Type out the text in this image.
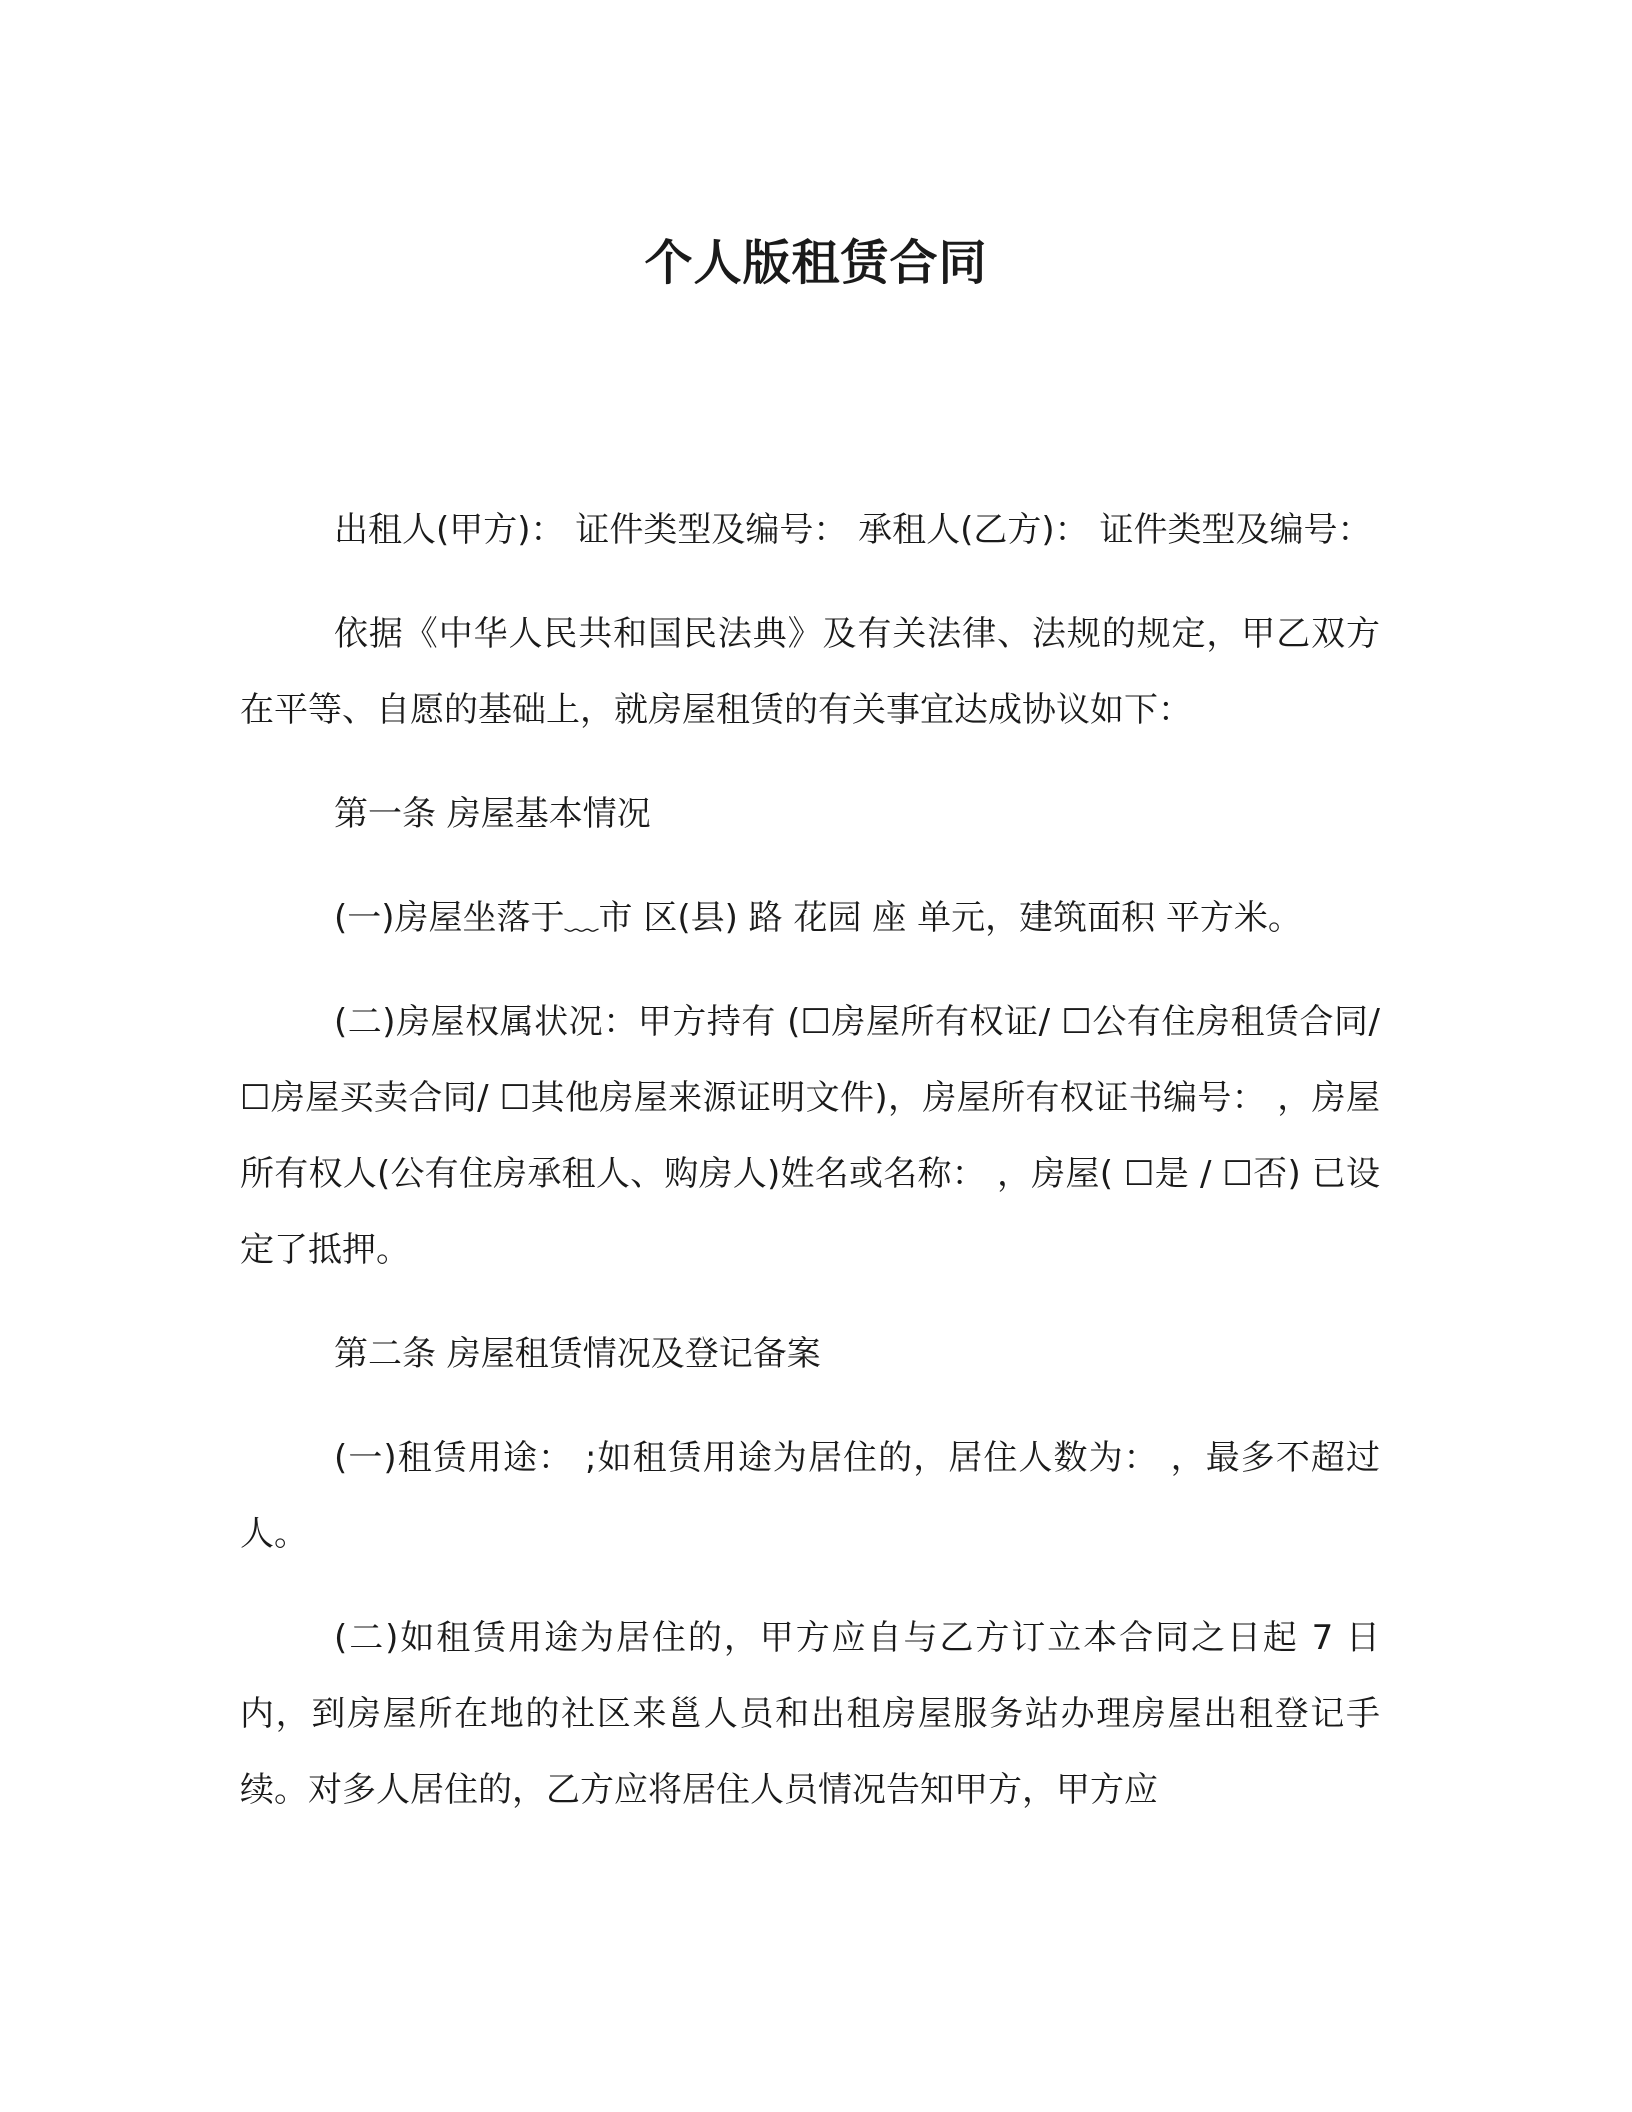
个人版租赁合同

出租人(甲方)： 证件类型及编号： 承租人(乙方)： 证件类型及编号：

依据《中华人民共和国民法典》及有关法律、法规的规定，甲乙双方在平等、自愿的基础上，就房屋租赁的有关事宜达成协议如下：

第一条 房屋基本情况

(一)房屋坐落于﹏市 区(县) 路 花园 座 单元，建筑面积 平方米。

(二)房屋权属状况：甲方持有 (☐房屋所有权证/ ☐公有住房租赁合同/ ☐房屋买卖合同/ ☐其他房屋来源证明文件)，房屋所有权证书编号： ，房屋所有权人(公有住房承租人、购房人)姓名或名称： ，房屋( ☐是 / ☐否) 已设定了抵押。

第二条 房屋租赁情况及登记备案

(一)租赁用途： ;如租赁用途为居住的，居住人数为： ，最多不超过 人。

(二)如租赁用途为居住的，甲方应自与乙方订立本合同之日起 7 日内，到房屋所在地的社区来邕人员和出租房屋服务站办理房屋出租登记手续。对多人居住的，乙方应将居住人员情况告知甲方，甲方应
